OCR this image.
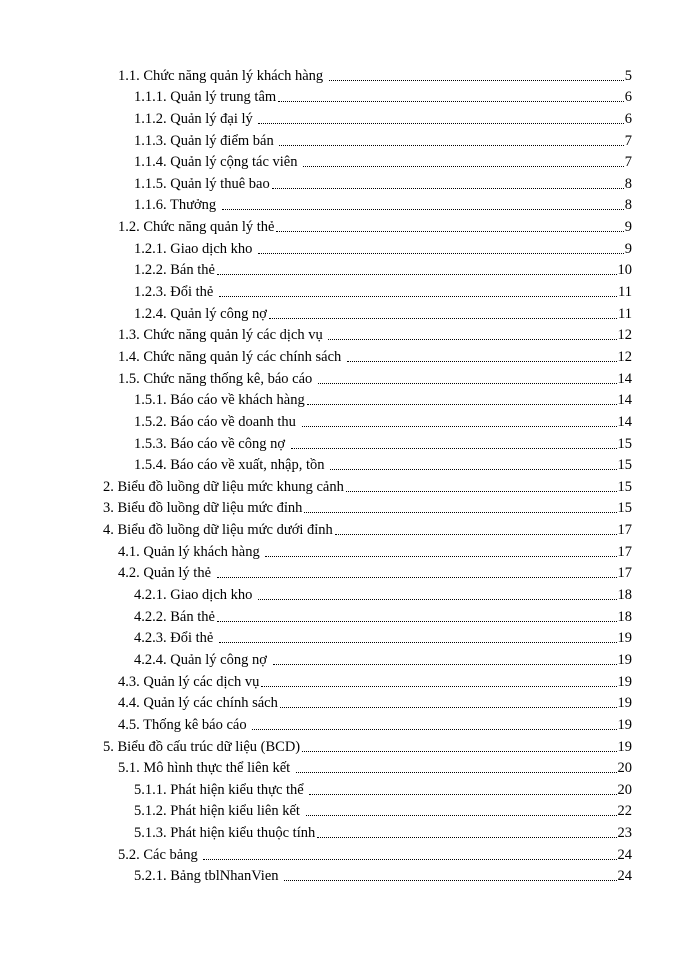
1.1. Chức năng quản lý khách hàng	5
1.1.1. Quản lý trung tâm	6
1.1.2. Quản lý đại lý	6
1.1.3. Quản lý điểm bán	7
1.1.4. Quản lý cộng tác viên	7
1.1.5. Quản lý thuê bao	8
1.1.6. Thưởng	8
1.2. Chức năng quản lý thẻ	9
1.2.1. Giao dịch kho	9
1.2.2. Bán thẻ	10
1.2.3. Đổi thẻ	11
1.2.4. Quản lý công nợ	11
1.3. Chức năng quản lý các dịch vụ	12
1.4. Chức năng quản lý các chính sách	12
1.5. Chức năng thống kê, báo cáo	14
1.5.1. Báo cáo về khách hàng	14
1.5.2. Báo cáo về doanh thu	14
1.5.3. Báo cáo về công nợ	15
1.5.4. Báo cáo về xuất, nhập, tồn	15
2. Biểu đồ luồng dữ liệu mức khung cảnh	15
3. Biểu đồ luồng dữ liệu mức đỉnh	15
4. Biểu đồ luồng dữ liệu mức dưới đỉnh	17
4.1. Quản lý khách hàng	17
4.2. Quản lý thẻ	17
4.2.1. Giao dịch kho	18
4.2.2. Bán thẻ	18
4.2.3. Đổi thẻ	19
4.2.4. Quản lý công nợ	19
4.3. Quản lý các dịch vụ	19
4.4. Quản lý các chính sách	19
4.5. Thống kê báo cáo	19
5. Biểu đồ cấu trúc dữ liệu (BCD)	19
5.1. Mô hình thực thể liên kết	20
5.1.1. Phát hiện kiểu thực thể	20
5.1.2. Phát hiện kiểu liên kết	22
5.1.3. Phát hiện kiểu thuộc tính	23
5.2. Các bảng	24
5.2.1. Bảng tblNhanVien	24
